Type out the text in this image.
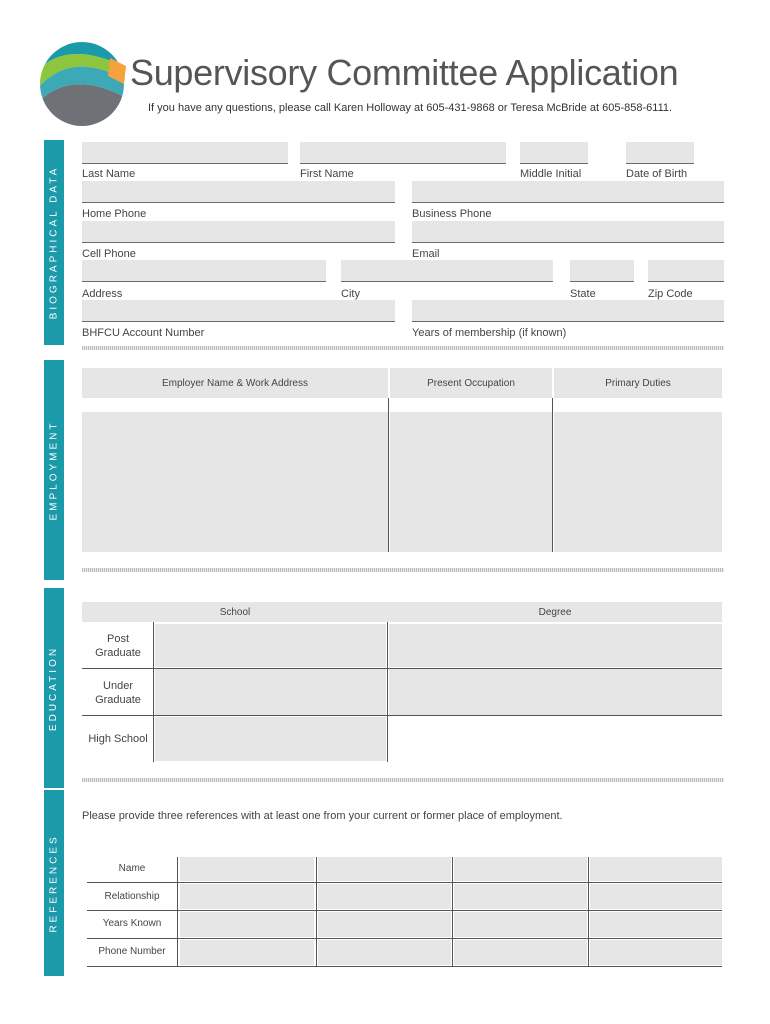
Supervisory Committee Application
If you have any questions, please call Karen Holloway at 605-431-9868 or Teresa McBride at 605-858-6111.
BIOGRAPHICAL DATA
EMPLOYMENT
EDUCATION
REFERENCES
Last Name	First Name	Middle Initial	Date of Birth
Home Phone	Business Phone
Cell Phone	Email
Address	City	State	Zip Code
BHFCU Account Number	Years of membership (if known)
Employer Name & Work Address	Present Occupation	Primary Duties
School	Degree
Post
Graduate
Under
Graduate
High School
Please provide three references with at least one from your current or former place of employment.
Name
Relationship
Years Known
Phone Number
